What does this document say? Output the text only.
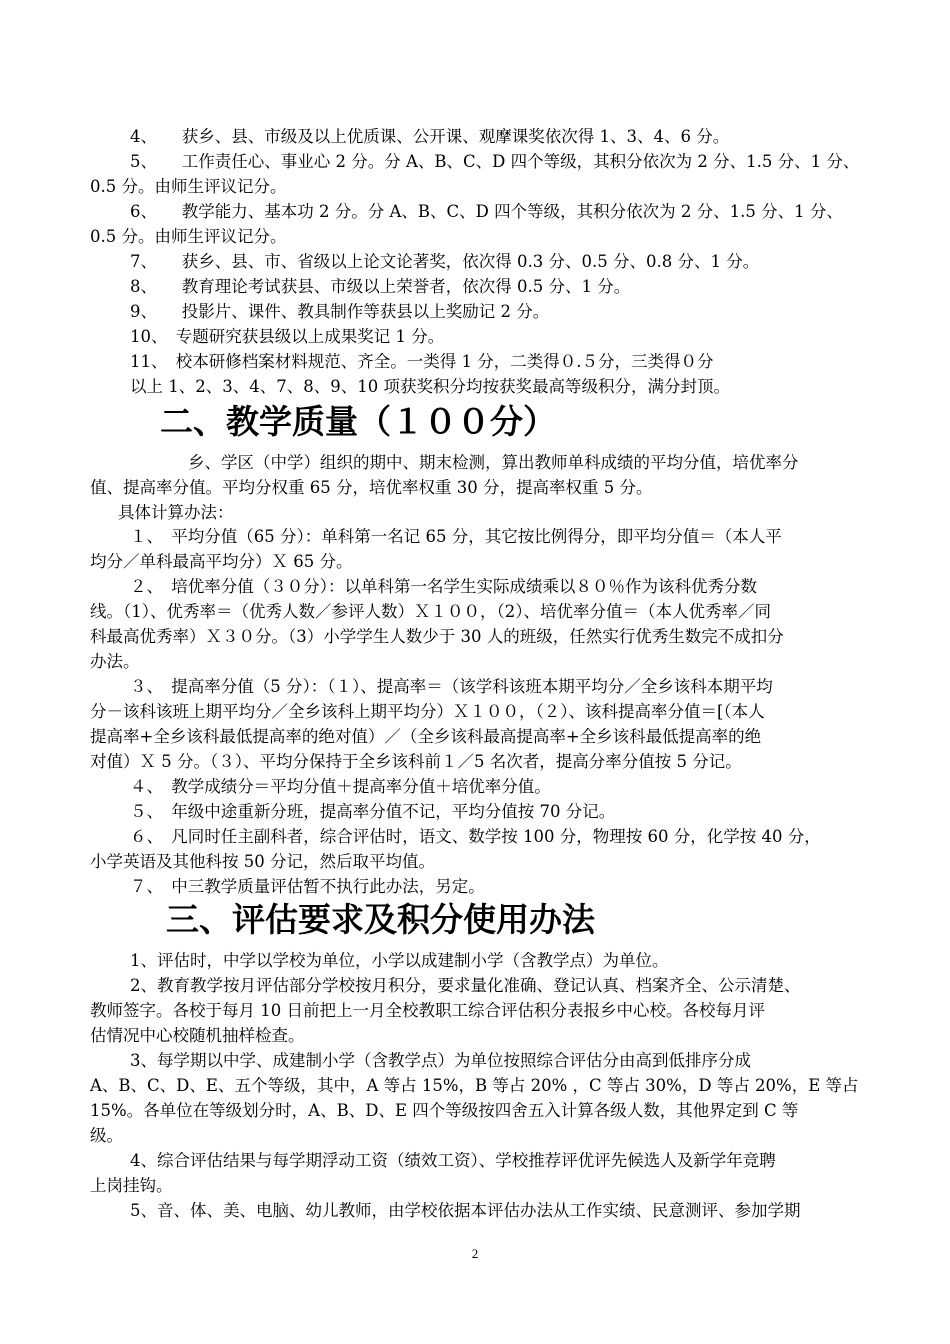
4、　　获乡、县、市级及以上优质课、公开课、观摩课奖依次得 1、3、4、6 分。
5、　　工作责任心、事业心 2 分。分 A、B、C、D 四个等级，其积分依次为 2 分、1.5 分、1 分、
0.5 分。由师生评议记分。
6、　　教学能力、基本功 2 分。分 A、B、C、D 四个等级，其积分依次为 2 分、1.5 分、1 分、
0.5 分。由师生评议记分。
7、　　获乡、县、市、省级以上论文论著奖，依次得 0.3 分、0.5 分、0.8 分、1 分。
8、　　教育理论考试获县、市级以上荣誉者，依次得 0.5 分、1 分。
9、　　投影片、课件、教具制作等获县以上奖励记 2 分。
10、　专题研究获县级以上成果奖记 1 分。
11、　校本研修档案材料规范、齐全。一类得 1 分，二类得０.５分，三类得０分
以上 1、2、3、4、7、8、9、10 项获奖积分均按获奖最高等级积分，满分封顶。
二、教学质量（１００分）
乡、学区（中学）组织的期中、期末检测，算出教师单科成绩的平均分值，培优率分
值、提高率分值。平均分权重 65 分，培优率权重 30 分，提高率权重 5 分。
具体计算办法：
１、　平均分值（65 分）：单科第一名记 65 分，其它按比例得分，即平均分值＝（本人平
均分／单科最高平均分）Ｘ 65 分。
２、　培优率分值（３０分）：以单科第一名学生实际成绩乘以８０％作为该科优秀分数
线。（1）、优秀率＝（优秀人数／参评人数）Ｘ１００，（2）、培优率分值＝（本人优秀率／同
科最高优秀率）Ｘ３０分。（3）小学学生人数少于 30 人的班级，任然实行优秀生数完不成扣分
办法。
３、　提高率分值（5 分）：（１）、提高率＝（该学科该班本期平均分／全乡该科本期平均
分－该科该班上期平均分／全乡该科上期平均分）Ｘ１００，（２）、该科提高率分值＝[（本人
提高率+全乡该科最低提高率的绝对值）／（全乡该科最高提高率+全乡该科最低提高率的绝
对值）Ｘ 5 分。（３）、平均分保持于全乡该科前１／5 名次者，提高分率分值按 5 分记。
４、　教学成绩分＝平均分值＋提高率分值＋培优率分值。
５、　年级中途重新分班，提高率分值不记，平均分值按 70 分记。
６、　凡同时任主副科者，综合评估时，语文、数学按 100 分，物理按 60 分，化学按 40 分，
小学英语及其他科按 50 分记，然后取平均值。
７、　中三教学质量评估暂不执行此办法，另定。
三、评估要求及积分使用办法
1、评估时，中学以学校为单位，小学以成建制小学（含教学点）为单位。
2、教育教学按月评估部分学校按月积分，要求量化准确、登记认真、档案齐全、公示清楚、
教师签字。各校于每月 10 日前把上一月全校教职工综合评估积分表报乡中心校。各校每月评
估情况中心校随机抽样检查。
3、每学期以中学、成建制小学（含教学点）为单位按照综合评估分由高到低排序分成
A、B、C、D、E、五个等级，其中，A 等占 15%，B 等占 20% ，C 等占 30%，D 等占 20%，E 等占
15%。各单位在等级划分时，A、B、D、E 四个等级按四舍五入计算各级人数，其他界定到 C 等
级。
4、综合评估结果与每学期浮动工资（绩效工资）、学校推荐评优评先候选人及新学年竞聘
上岗挂钩。
5、音、体、美、电脑、幼儿教师，由学校依据本评估办法从工作实绩、民意测评、参加学期
2
